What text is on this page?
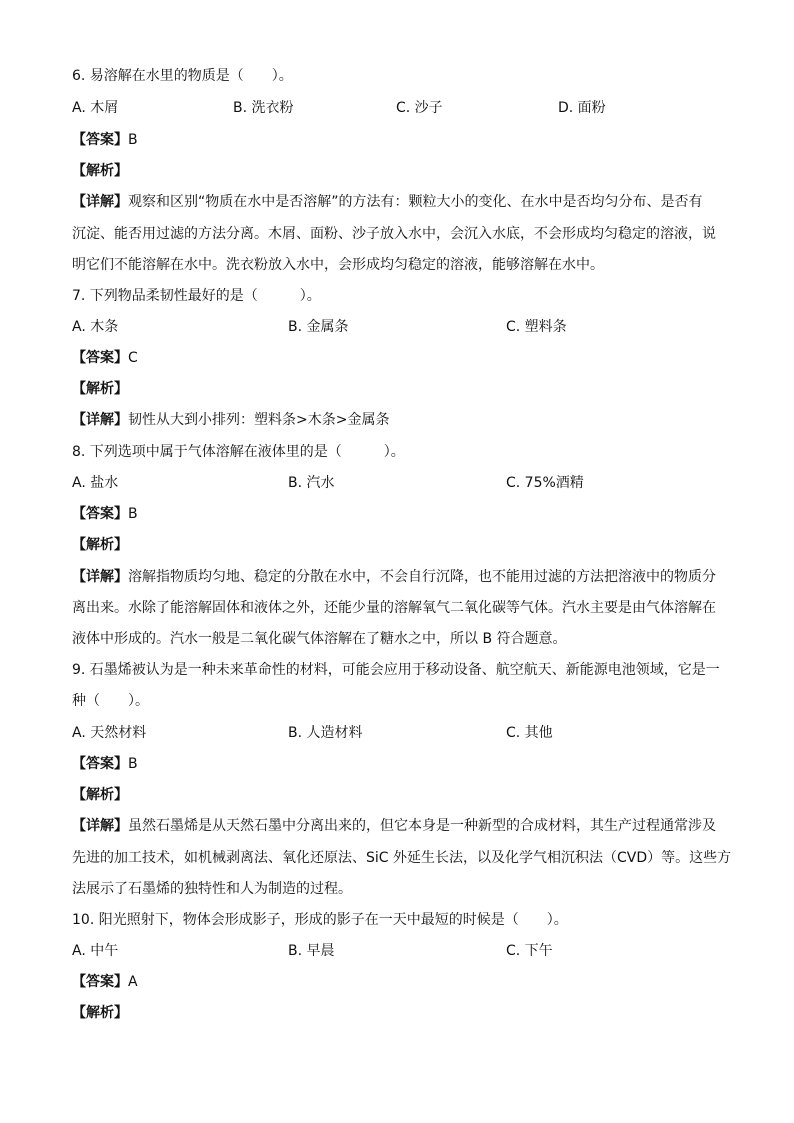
6. 易溶解在水里的物质是（　　）。
A. 木屑	B. 洗衣粉	C. 沙子	D. 面粉
【答案】B
【解析】
【详解】观察和区别“物质在水中是否溶解”的方法有：颗粒大小的变化、在水中是否均匀分布、是否有
沉淀、能否用过滤的方法分离。木屑、面粉、沙子放入水中，会沉入水底，不会形成均匀稳定的溶液，说
明它们不能溶解在水中。洗衣粉放入水中，会形成均匀稳定的溶液，能够溶解在水中。
7. 下列物品柔韧性最好的是（　　　）。
A. 木条	B. 金属条	C. 塑料条
【答案】C
【解析】
【详解】韧性从大到小排列：塑料条>木条>金属条
8. 下列选项中属于气体溶解在液体里的是（　　　）。
A. 盐水	B. 汽水	C. 75%酒精
【答案】B
【解析】
【详解】溶解指物质均匀地、稳定的分散在水中，不会自行沉降，也不能用过滤的方法把溶液中的物质分
离出来。水除了能溶解固体和液体之外，还能少量的溶解氧气二氧化碳等气体。汽水主要是由气体溶解在
液体中形成的。汽水一般是二氧化碳气体溶解在了糖水之中，所以 B 符合题意。
9. 石墨烯被认为是一种未来革命性的材料，可能会应用于移动设备、航空航天、新能源电池领域，它是一
种（　　）。
A. 天然材料	B. 人造材料	C. 其他
【答案】B
【解析】
【详解】虽然石墨烯是从天然石墨中分离出来的，但它本身是一种新型的合成材料，其生产过程通常涉及
先进的加工技术，如机械剥离法、氧化还原法、SiC 外延生长法，以及化学气相沉积法（CVD）等。这些方
法展示了石墨烯的独特性和人为制造的过程。
10. 阳光照射下，物体会形成影子，形成的影子在一天中最短的时候是（　　）。
A. 中午	B. 早晨	C. 下午
【答案】A
【解析】
